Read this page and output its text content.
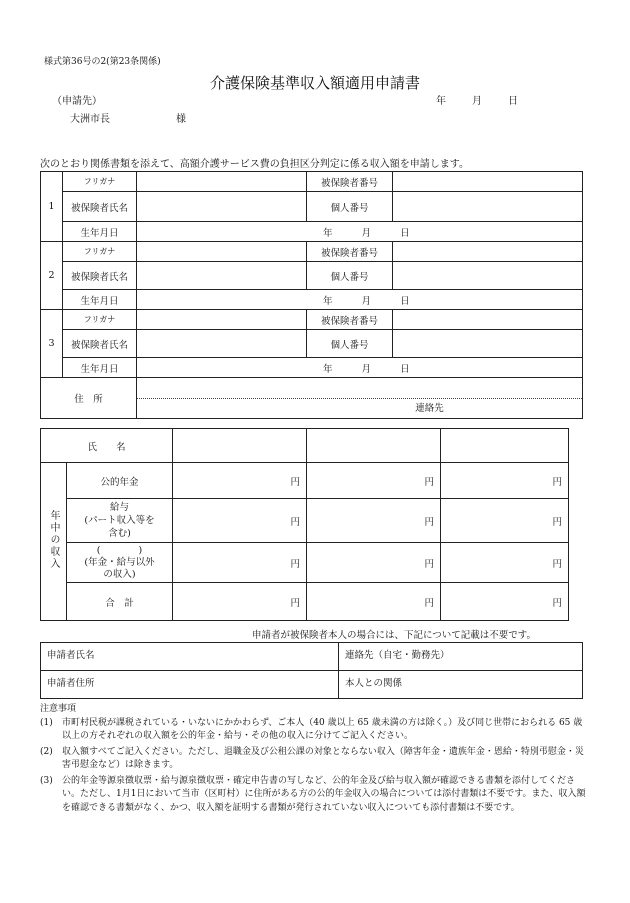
様式第36号の2(第23条関係)
介護保険基準収入額適用申請書
（申請先）	年	月	日
大洲市長	様
次のとおり関係書類を添えて、高額介護サービス費の負担区分判定に係る収入額を申請します。
1	フリガナ		被保険者番号	
	被保険者氏名		個人番号	
	生年月日	年 月 日		
2	フリガナ		被保険者番号	
	被保険者氏名		個人番号	
	生年月日	年 月 日		
3	フリガナ		被保険者番号	
	被保険者氏名		個人番号	
	生年月日	年 月 日		
住　所		連絡先		
氏　　名				
年中の収入	公的年金	円	円	円
	給与
(パート収入等を
含む)	円	円	円
	(　　　　)
(年金・給与以外
の収入)	円	円	円
	合　計	円	円	円
申請者が被保険者本人の場合には、下記について記載は不要です。
申請者氏名	連絡先（自宅・勤務先）
申請者住所	本人との関係
注意事項
(1)	市町村民税が課税されている・いないにかかわらず、ご本人（40 歳以上 65 歳未満の方は除く。）及び同じ世帯におられる 65 歳以上の方それぞれの収入額を公的年金・給与・その他の収入に分けてご記入ください。
(2)	収入額すべてご記入ください。ただし、退職金及び公租公課の対象とならない収入（障害年金・遺族年金・恩給・特別弔慰金・災害弔慰金など）は除きます。
(3)	公的年金等源泉徴収票・給与源泉徴収票・確定申告書の写しなど、公的年金及び給与収入額が確認できる書類を添付してください。ただし、1月1日において当市（区町村）に住所がある方の公的年金収入の場合については添付書類は不要です。また、収入額を確認できる書類がなく、かつ、収入額を証明する書類が発行されていない収入についても添付書類は不要です。
